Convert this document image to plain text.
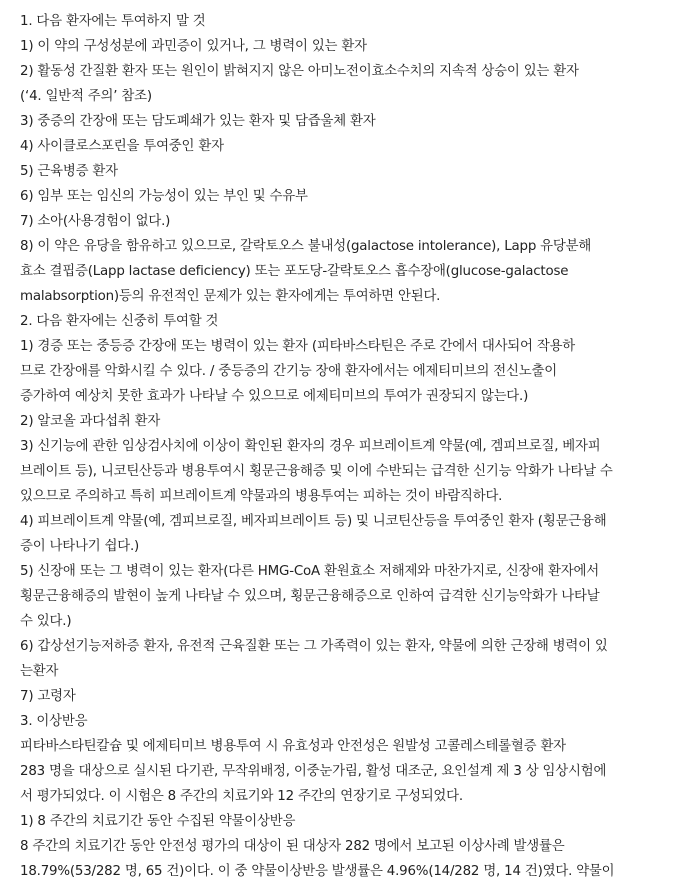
1. 다음 환자에는 투여하지 말 것
1) 이 약의 구성성분에 과민증이 있거나, 그 병력이 있는 환자
2) 활동성 간질환 환자 또는 원인이 밝혀지지 않은 아미노전이효소수치의 지속적 상승이 있는 환자
(‘4. 일반적 주의’ 참조)
3) 중증의 간장애 또는 담도폐쇄가 있는 환자 및 담즙울체 환자
4) 사이클로스포린을 투여중인 환자
5) 근육병증 환자
6) 임부 또는 임신의 가능성이 있는 부인 및 수유부
7) 소아(사용경험이 없다.)
8) 이 약은 유당을 함유하고 있으므로, 갈락토오스 불내성(galactose intolerance), Lapp 유당분해
효소 결핍증(Lapp lactase deficiency) 또는 포도당-갈락토오스 흡수장애(glucose-galactose
malabsorption)등의 유전적인 문제가 있는 환자에게는 투여하면 안된다.
2. 다음 환자에는 신중히 투여할 것
1) 경증 또는 중등증 간장애 또는 병력이 있는 환자 (피타바스타틴은 주로 간에서 대사되어 작용하
므로 간장애를 악화시킬 수 있다. / 중등증의 간기능 장애 환자에서는 에제티미브의 전신노출이
증가하여 예상치 못한 효과가 나타날 수 있으므로 에제티미브의 투여가 권장되지 않는다.)
2) 알코올 과다섭취 환자
3) 신기능에 관한 임상검사치에 이상이 확인된 환자의 경우 피브레이트계 약물(예, 겜피브로질, 베자피
브레이트 등), 니코틴산등과 병용투여시 횡문근융해증 및 이에 수반되는 급격한 신기능 악화가 나타날 수
있으므로 주의하고 특히 피브레이트계 약물과의 병용투여는 피하는 것이 바람직하다.
4) 피브레이트계 약물(예, 겜피브로질, 베자피브레이트 등) 및 니코틴산등을 투여중인 환자 (횡문근융해
증이 나타나기 쉽다.)
5) 신장애 또는 그 병력이 있는 환자(다른 HMG-CoA 환원효소 저해제와 마찬가지로, 신장애 환자에서
횡문근융해증의 발현이 높게 나타날 수 있으며, 횡문근융해증으로 인하여 급격한 신기능악화가 나타날
수 있다.)
6) 갑상선기능저하증 환자, 유전적 근육질환 또는 그 가족력이 있는 환자, 약물에 의한 근장해 병력이 있
는환자
7) 고령자
3. 이상반응
피타바스타틴칼슘 및 에제티미브 병용투여 시 유효성과 안전성은 원발성 고콜레스테롤혈증 환자
283 명을 대상으로 실시된 다기관, 무작위배정, 이중눈가림, 활성 대조군, 요인설계 제 3 상 임상시험에
서 평가되었다. 이 시험은 8 주간의 치료기와 12 주간의 연장기로 구성되었다.
1) 8 주간의 치료기간 동안 수집된 약물이상반응
8 주간의 치료기간 동안 안전성 평가의 대상이 된 대상자 282 명에서 보고된 이상사례 발생률은
18.79%(53/282 명, 65 건)이다. 이 중 약물이상반응 발생률은 4.96%(14/282 명, 14 건)였다. 약물이
